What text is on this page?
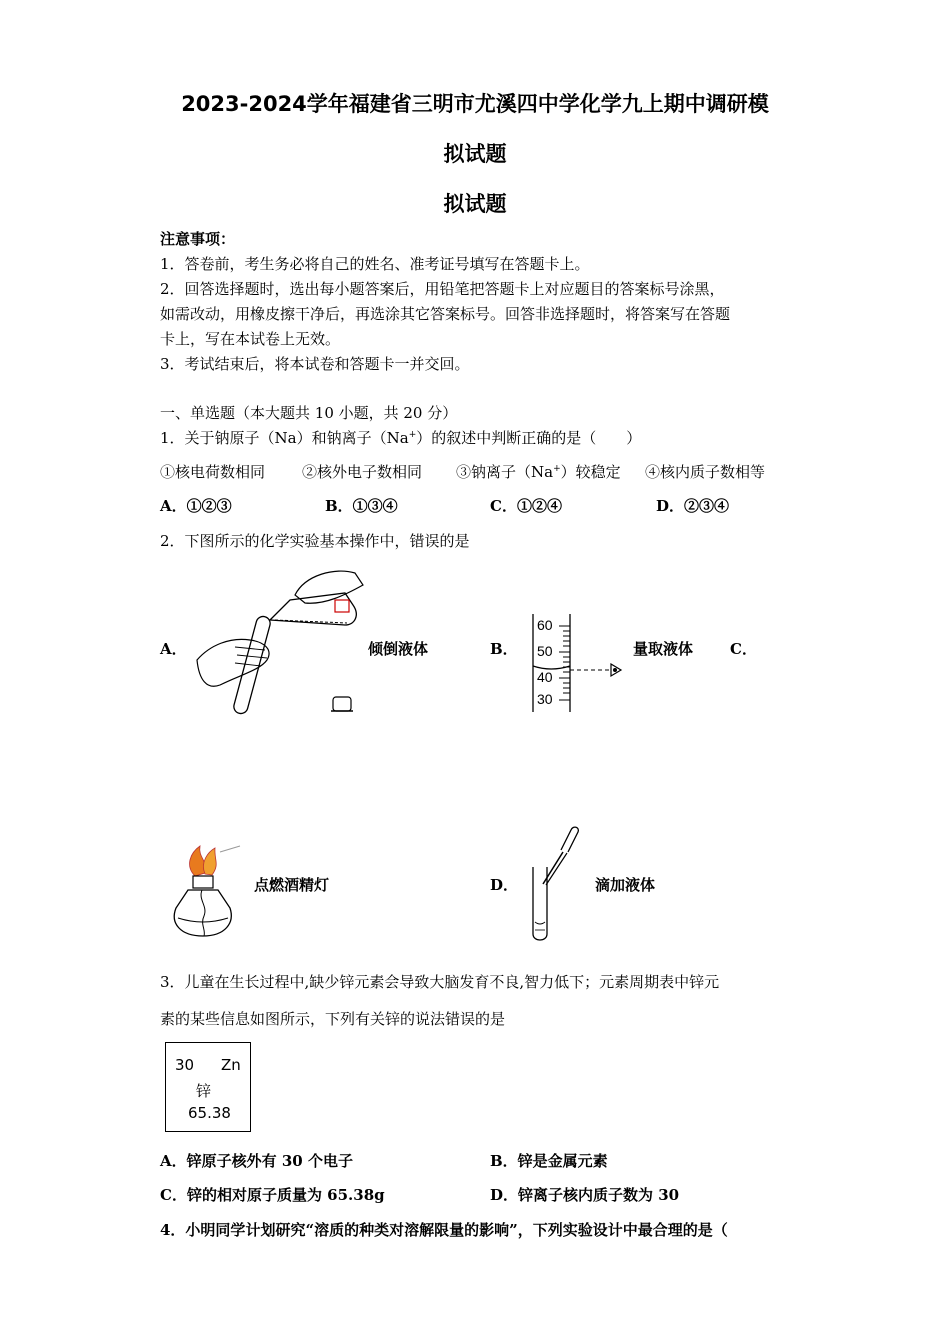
2023-2024学年福建省三明市尤溪四中学化学九上期中调研模
拟试题
拟试题
注意事项：
1．答卷前，考生务必将自己的姓名、准考证号填写在答题卡上。
2．回答选择题时，选出每小题答案后，用铅笔把答题卡上对应题目的答案标号涂黑，
如需改动，用橡皮擦干净后，再选涂其它答案标号。回答非选择题时，将答案写在答题
卡上，写在本试卷上无效。
3．考试结束后，将本试卷和答题卡一并交回。
一、单选题（本大题共 10 小题，共 20 分）
1．关于钠原子（Na）和钠离子（Na+）的叙述中判断正确的是（　　）
①核电荷数相同 ②核外电子数相同 ③钠离子（Na+）较稳定 ④核内质子数相等
A．①②③	B．①③④	C．①②④	D．②③④
2．下图所示的化学实验基本操作中，错误的是
A．	倾倒液体	B．
60
50
40
30
量取液体 C．
点燃酒精灯	D．	滴加液体
3．儿童在生长过程中,缺少锌元素会导致大脑发育不良,智力低下；元素周期表中锌元
素的某些信息如图所示，下列有关锌的说法错误的是
30 Zn
锌
65.38
A．锌原子核外有 30 个电子	B．锌是金属元素
C．锌的相对原子质量为 65.38g	D．锌离子核内质子数为 30
4．小明同学计划研究“溶质的种类对溶解限量的影响”，下列实验设计中最合理的是（
